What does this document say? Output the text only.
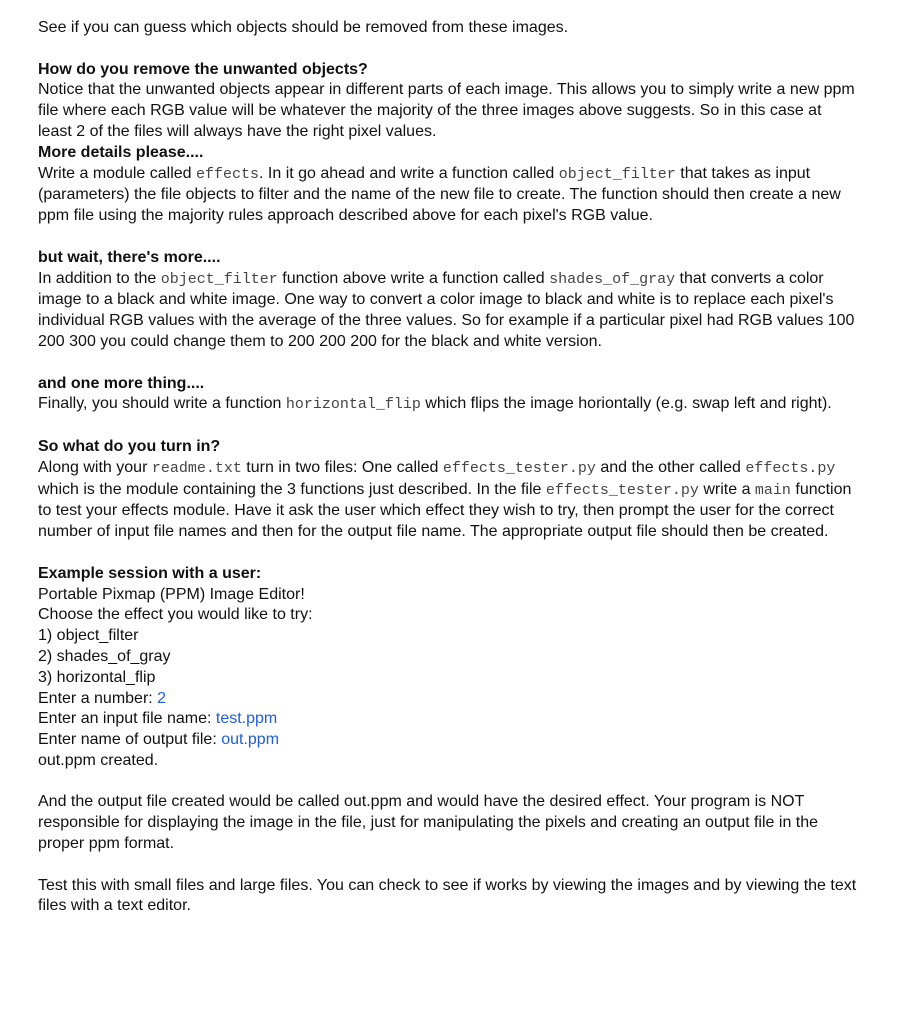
See if you can guess which objects should be removed from these images.

How do you remove the unwanted objects?

Notice that the unwanted objects appear in different parts of each image. This allows you to simply write a new ppm file where each RGB value will be whatever the majority of the three images above suggests. So in this case at least 2 of the files will always have the right pixel values.

More details please....

Write a module called effects. In it go ahead and write a function called object_filter that takes as input (parameters) the file objects to filter and the name of the new file to create. The function should then create a new ppm file using the majority rules approach described above for each pixel's RGB value.

but wait, there's more....

In addition to the object_filter function above write a function called shades_of_gray that converts a color image to a black and white image. One way to convert a color image to black and white is to replace each pixel's individual RGB values with the average of the three values. So for example if a particular pixel had RGB values 100 200 300 you could change them to 200 200 200 for the black and white version.

and one more thing....

Finally, you should write a function horizontal_flip which flips the image horiontally (e.g. swap left and right).

So what do you turn in?

Along with your readme.txt turn in two files: One called effects_tester.py and the other called effects.py which is the module containing the 3 functions just described. In the file effects_tester.py write a main function to test your effects module. Have it ask the user which effect they wish to try, then prompt the user for the correct number of input file names and then for the output file name. The appropriate output file should then be created.

Example session with a user:

Portable Pixmap (PPM) Image Editor!

Choose the effect you would like to try:

1) object_filter

2) shades_of_gray

3) horizontal_flip

Enter a number: 2

Enter an input file name: test.ppm

Enter name of output file: out.ppm

out.ppm created.

And the output file created would be called out.ppm and would have the desired effect. Your program is NOT responsible for displaying the image in the file, just for manipulating the pixels and creating an output file in the proper ppm format.

Test this with small files and large files. You can check to see if works by viewing the images and by viewing the text files with a text editor.
